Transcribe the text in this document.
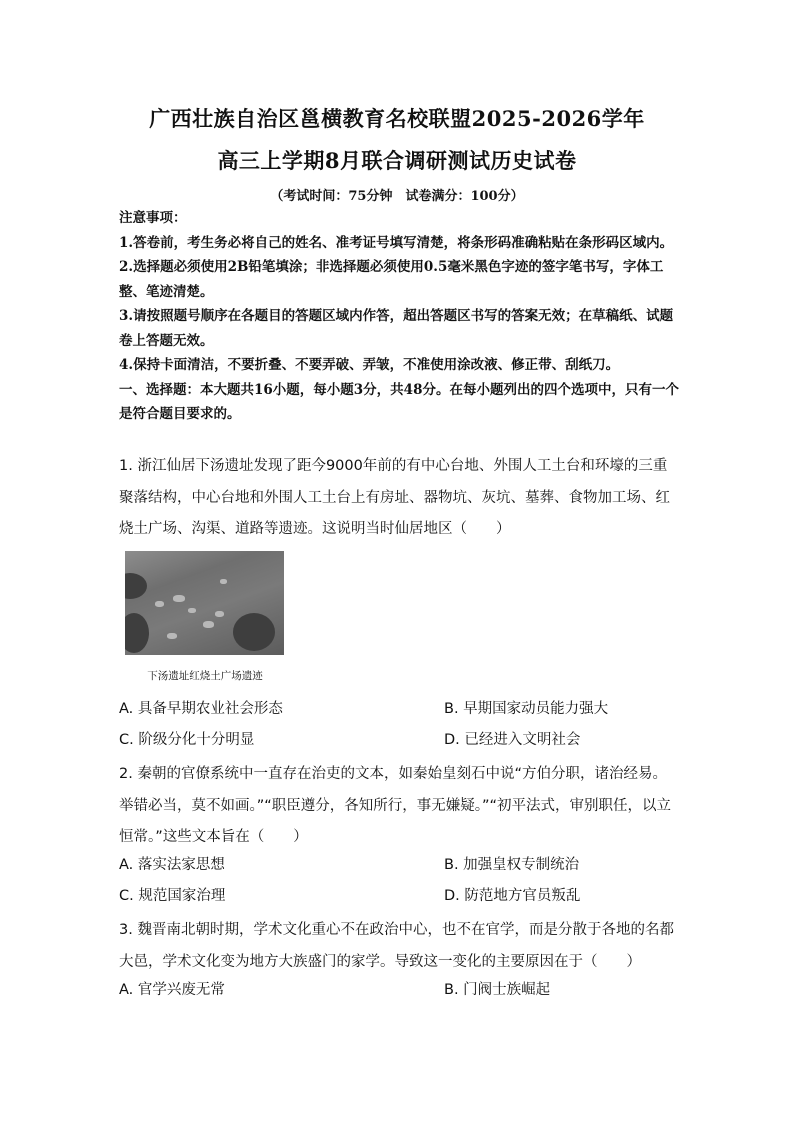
广西壮族自治区邕横教育名校联盟2025-2026学年
高三上学期8月联合调研测试历史试卷
（考试时间：75分钟　试卷满分：100分）

注意事项：

1.答卷前，考生务必将自己的姓名、准考证号填写清楚，将条形码准确粘贴在条形码区域内。

2.选择题必须使用2B铅笔填涂；非选择题必须使用0.5毫米黑色字迹的签字笔书写，字体工整、笔迹清楚。

3.请按照题号顺序在各题目的答题区域内作答，超出答题区书写的答案无效；在草稿纸、试题卷上答题无效。

4.保持卡面清洁，不要折叠、不要弄破、弄皱，不准使用涂改液、修正带、刮纸刀。

一、选择题：本大题共16小题，每小题3分，共48分。在每小题列出的四个选项中，只有一个是符合题目要求的。

1. 浙江仙居下汤遗址发现了距今9000年前的有中心台地、外围人工土台和环壕的三重聚落结构，中心台地和外围人工土台上有房址、器物坑、灰坑、墓葬、食物加工场、红烧土广场、沟渠、道路等遗迹。这说明当时仙居地区（　　）

下汤遗址红烧土广场遗迹
A. 具备早期农业社会形态	B. 早期国家动员能力强大
C. 阶级分化十分明显	D. 已经进入文明社会

2. 秦朝的官僚系统中一直存在治吏的文本，如秦始皇刻石中说“方伯分职，诸治经易。举错必当，莫不如画。”“职臣遵分，各知所行，事无嫌疑。”“初平法式，审别职任，以立恒常。”这些文本旨在（　　）

A. 落实法家思想	B. 加强皇权专制统治
C. 规范国家治理	D. 防范地方官员叛乱

3. 魏晋南北朝时期，学术文化重心不在政治中心，也不在官学，而是分散于各地的名都大邑，学术文化变为地方大族盛门的家学。导致这一变化的主要原因在于（　　）

A. 官学兴废无常	B. 门阀士族崛起
